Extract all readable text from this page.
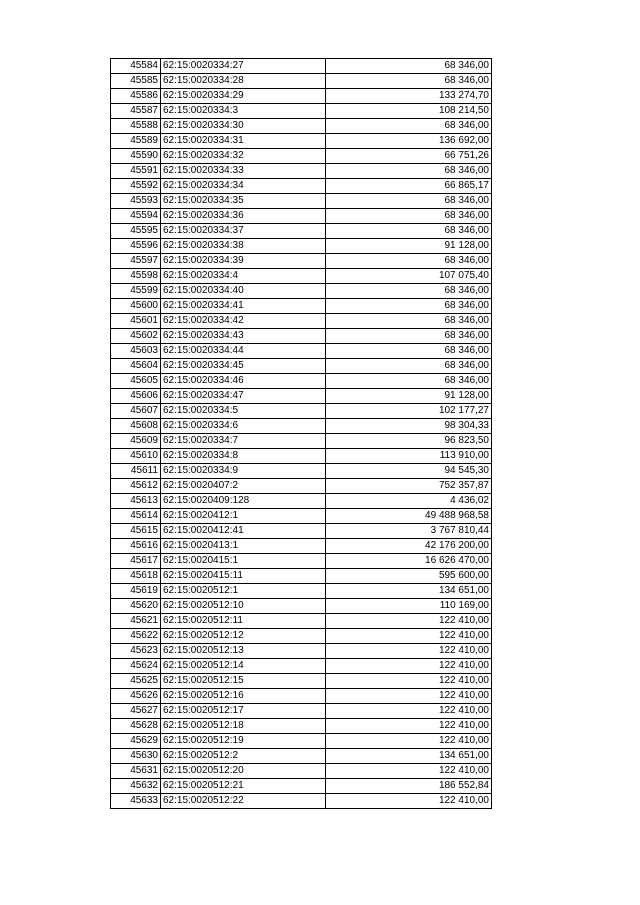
45584	62:15:0020334:27	68 346,00
45585	62:15:0020334:28	68 346,00
45586	62:15:0020334:29	133 274,70
45587	62:15:0020334:3	108 214,50
45588	62:15:0020334:30	68 346,00
45589	62:15:0020334:31	136 692,00
45590	62:15:0020334:32	66 751,26
45591	62:15:0020334:33	68 346,00
45592	62:15:0020334:34	66 865,17
45593	62:15:0020334:35	68 346,00
45594	62:15:0020334:36	68 346,00
45595	62:15:0020334:37	68 346,00
45596	62:15:0020334:38	91 128,00
45597	62:15:0020334:39	68 346,00
45598	62:15:0020334:4	107 075,40
45599	62:15:0020334:40	68 346,00
45600	62:15:0020334:41	68 346,00
45601	62:15:0020334:42	68 346,00
45602	62:15:0020334:43	68 346,00
45603	62:15:0020334:44	68 346,00
45604	62:15:0020334:45	68 346,00
45605	62:15:0020334:46	68 346,00
45606	62:15:0020334:47	91 128,00
45607	62:15:0020334:5	102 177,27
45608	62:15:0020334:6	98 304,33
45609	62:15:0020334:7	96 823,50
45610	62:15:0020334:8	113 910,00
45611	62:15:0020334:9	94 545,30
45612	62:15:0020407:2	752 357,87
45613	62:15:0020409:128	4 436,02
45614	62:15:0020412:1	49 488 968,58
45615	62:15:0020412:41	3 767 810,44
45616	62:15:0020413:1	42 176 200,00
45617	62:15:0020415:1	16 626 470,00
45618	62:15:0020415:11	595 600,00
45619	62:15:0020512:1	134 651,00
45620	62:15:0020512:10	110 169,00
45621	62:15:0020512:11	122 410,00
45622	62:15:0020512:12	122 410,00
45623	62:15:0020512:13	122 410,00
45624	62:15:0020512:14	122 410,00
45625	62:15:0020512:15	122 410,00
45626	62:15:0020512:16	122 410,00
45627	62:15:0020512:17	122 410,00
45628	62:15:0020512:18	122 410,00
45629	62:15:0020512:19	122 410,00
45630	62:15:0020512:2	134 651,00
45631	62:15:0020512:20	122 410,00
45632	62:15:0020512:21	186 552,84
45633	62:15:0020512:22	122 410,00
